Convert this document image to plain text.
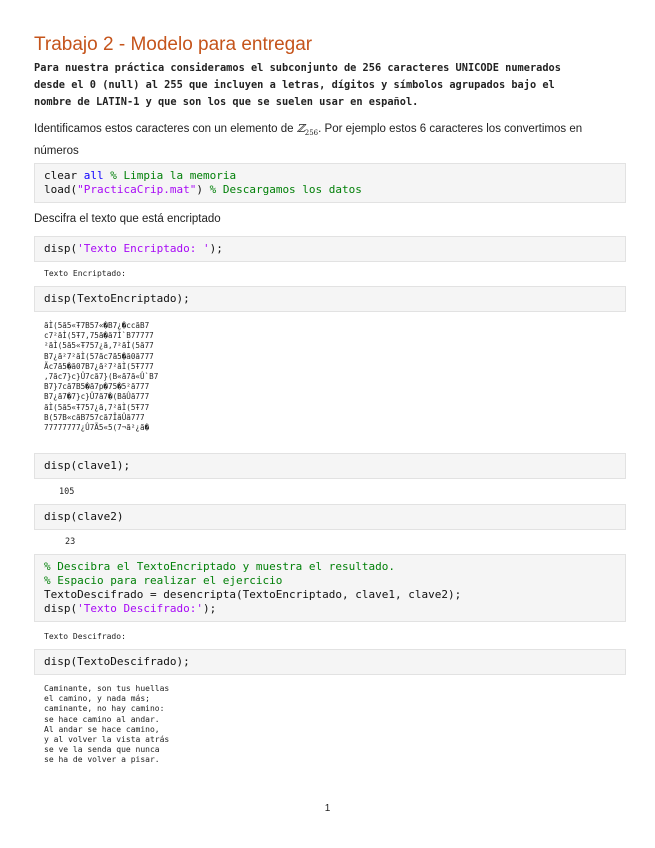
Trabajo 2 - Modelo para entregar
Para nuestra práctica consideramos el subconjunto de 256 caracteres UNICODE numerados
desde el 0 (null) al 255 que incluyen a letras, dígitos y símbolos agrupados bajo el
nombre de LATIN-1 y que son los que se suelen usar en español.
Identificamos estos caracteres con un elemento de ℤ$_{256}$. Por ejemplo estos 6 caracteres los convertimos en
números
clear all % Limpia la memoria
load("PracticaCrip.mat") % Descargamos los datos
Descifra el texto que está encriptado
disp('Texto Encriptado: ');
Texto Encriptado:
disp(TextoEncriptado);
ãÌ(5ã5«Ŧ7B57«�B7¿�ccãB7
c7²ãÌ(5Ŧ7,75ã�ã7Ì`B77777
²ãÌ(5ã5«Ŧ757¿ã,7²ãÌ(5ã77
B7¿ã²7²ãÌ(57ãc7ã5�ã0ã777
Ãc7ã5�ã07B7¿ã²7²ãÌ(5Ŧ777
,7ãc7}c}Û7cã7}(B«ã7ã«Û`B7
B7}7cã7B5�ã7p�75�5²ã777
B7¿ã7�7}c}Û7ã7�(BãÛã777
ãÌ(5ã5«Ŧ757¿ã,7²ãÌ(5Ŧ77
B(57B«cãB757cã7ÎãÛã777
77777777¿Û7Ã5«5(7¬ã²¿ã�
disp(clave1);
105
disp(clave2)
23
% Descibra el TextoEncriptado y muestra el resultado.
% Espacio para realizar el ejercicio
TextoDescifrado = desencripta(TextoEncriptado, clave1, clave2);
disp('Texto Descifrado:');
Texto Descifrado:
disp(TextoDescifrado);
Caminante, son tus huellas
el camino, y nada más;
caminante, no hay camino:
se hace camino al andar.
Al andar se hace camino,
y al volver la vista atrás
se ve la senda que nunca
se ha de volver a pisar.
1
